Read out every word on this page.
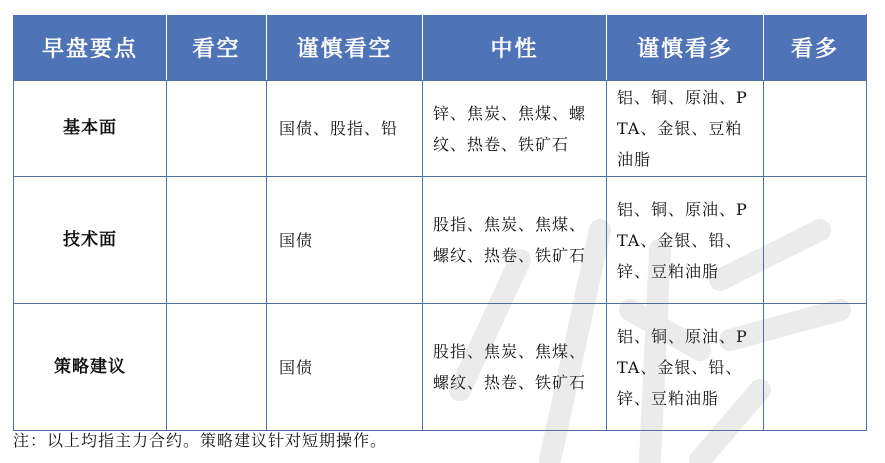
早盘要点	看空	谨慎看空	中性	谨慎看多	看多
基本面		国债、股指、铅	锌、焦炭、焦煤、螺纹、热卷、铁矿石	铝、铜、原油、PTA、金银、豆粕油脂	
技术面		国债	股指、焦炭、焦煤、螺纹、热卷、铁矿石	铝、铜、原油、PTA、金银、铅、锌、豆粕油脂	
策略建议		国债	股指、焦炭、焦煤、螺纹、热卷、铁矿石	铝、铜、原油、PTA、金银、铅、锌、豆粕油脂	
注：以上均指主力合约。策略建议针对短期操作。
